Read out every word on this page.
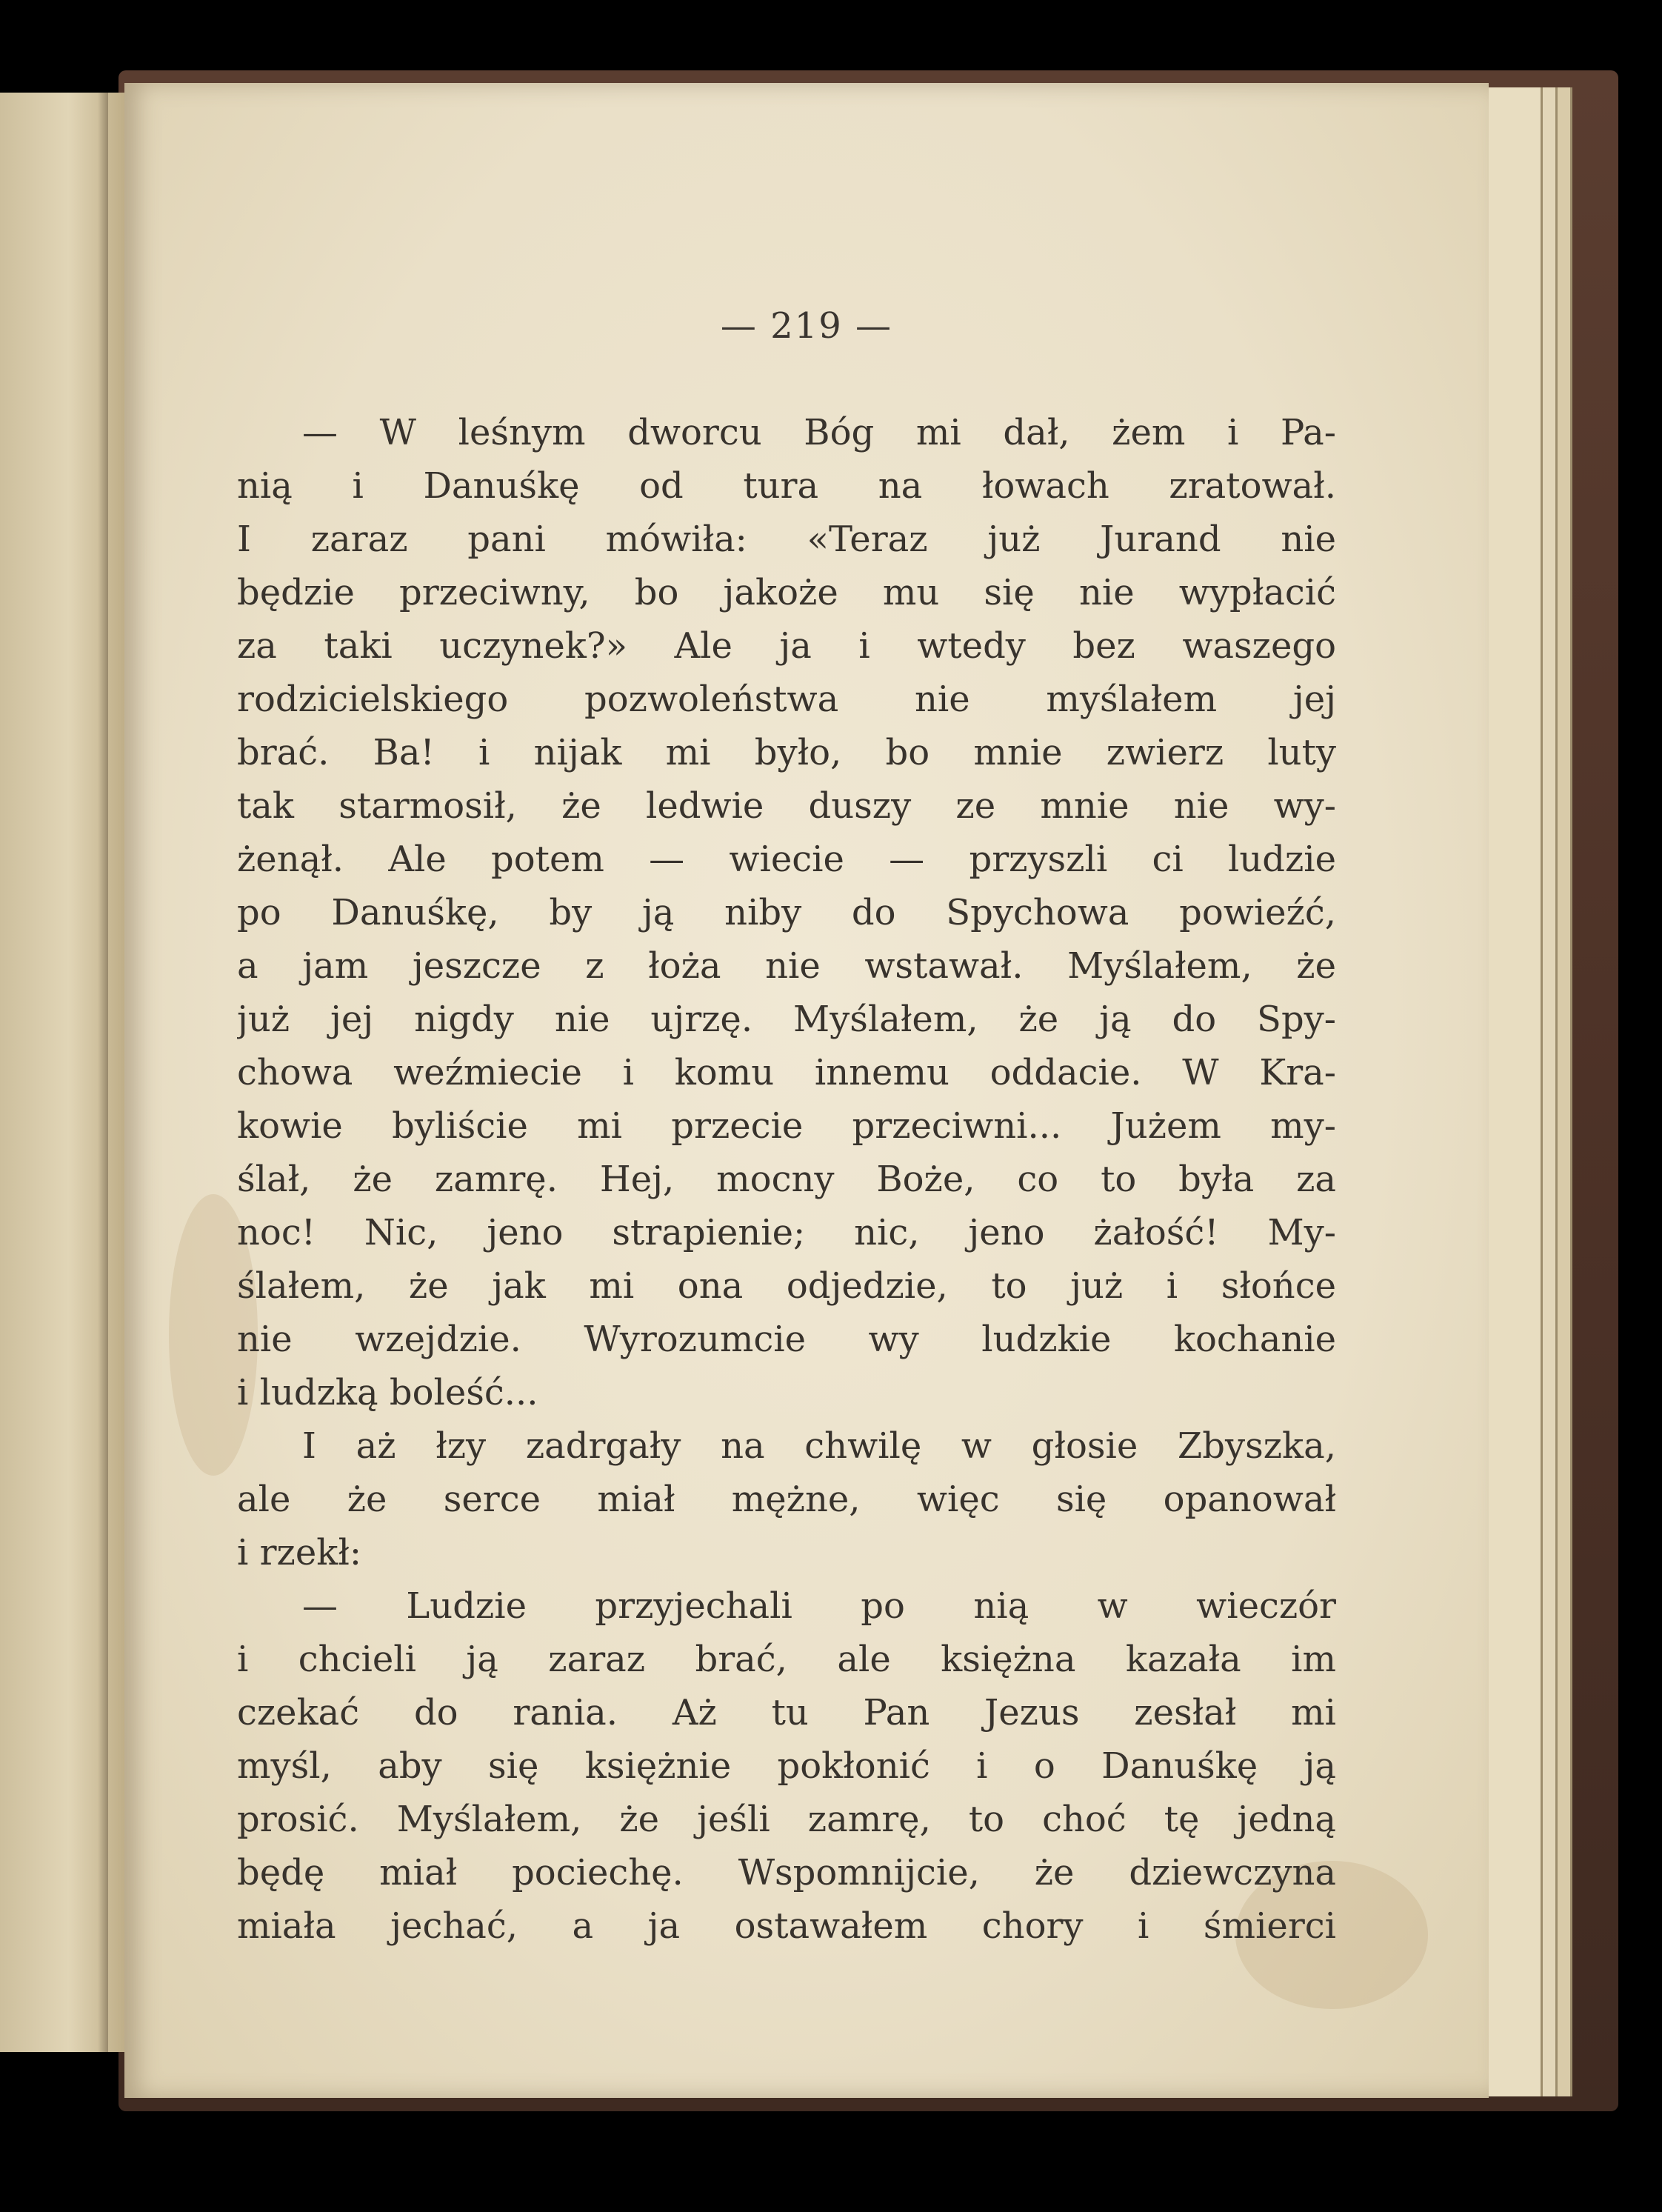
— 219 —
— W leśnym dworcu Bóg mi dał, żem i Pa-
nią i Danuśkę od tura na łowach zratował.
I zaraz pani mówiła: «Teraz już Jurand nie
będzie przeciwny, bo jakoże mu się nie wypłacić
za taki uczynek?» Ale ja i wtedy bez waszego
rodzicielskiego pozwoleństwa nie myślałem jej
brać. Ba! i nijak mi było, bo mnie zwierz luty
tak starmosił, że ledwie duszy ze mnie nie wy-
żenął. Ale potem — wiecie — przyszli ci ludzie
po Danuśkę, by ją niby do Spychowa powieźć,
a jam jeszcze z łoża nie wstawał. Myślałem, że
już jej nigdy nie ujrzę. Myślałem, że ją do Spy-
chowa weźmiecie i komu innemu oddacie. W Kra-
kowie byliście mi przecie przeciwni... Jużem my-
ślał, że zamrę. Hej, mocny Boże, co to była za
noc! Nic, jeno strapienie; nic, jeno żałość! My-
ślałem, że jak mi ona odjedzie, to już i słońce
nie wzejdzie. Wyrozumcie wy ludzkie kochanie
i ludzką boleść...
I aż łzy zadrgały na chwilę w głosie Zbyszka,
ale że serce miał mężne, więc się opanował
i rzekł:
— Ludzie przyjechali po nią w wieczór
i chcieli ją zaraz brać, ale księżna kazała im
czekać do rania. Aż tu Pan Jezus zesłał mi
myśl, aby się księżnie pokłonić i o Danuśkę ją
prosić. Myślałem, że jeśli zamrę, to choć tę jedną
będę miał pociechę. Wspomnijcie, że dziewczyna
miała jechać, a ja ostawałem chory i śmierci
